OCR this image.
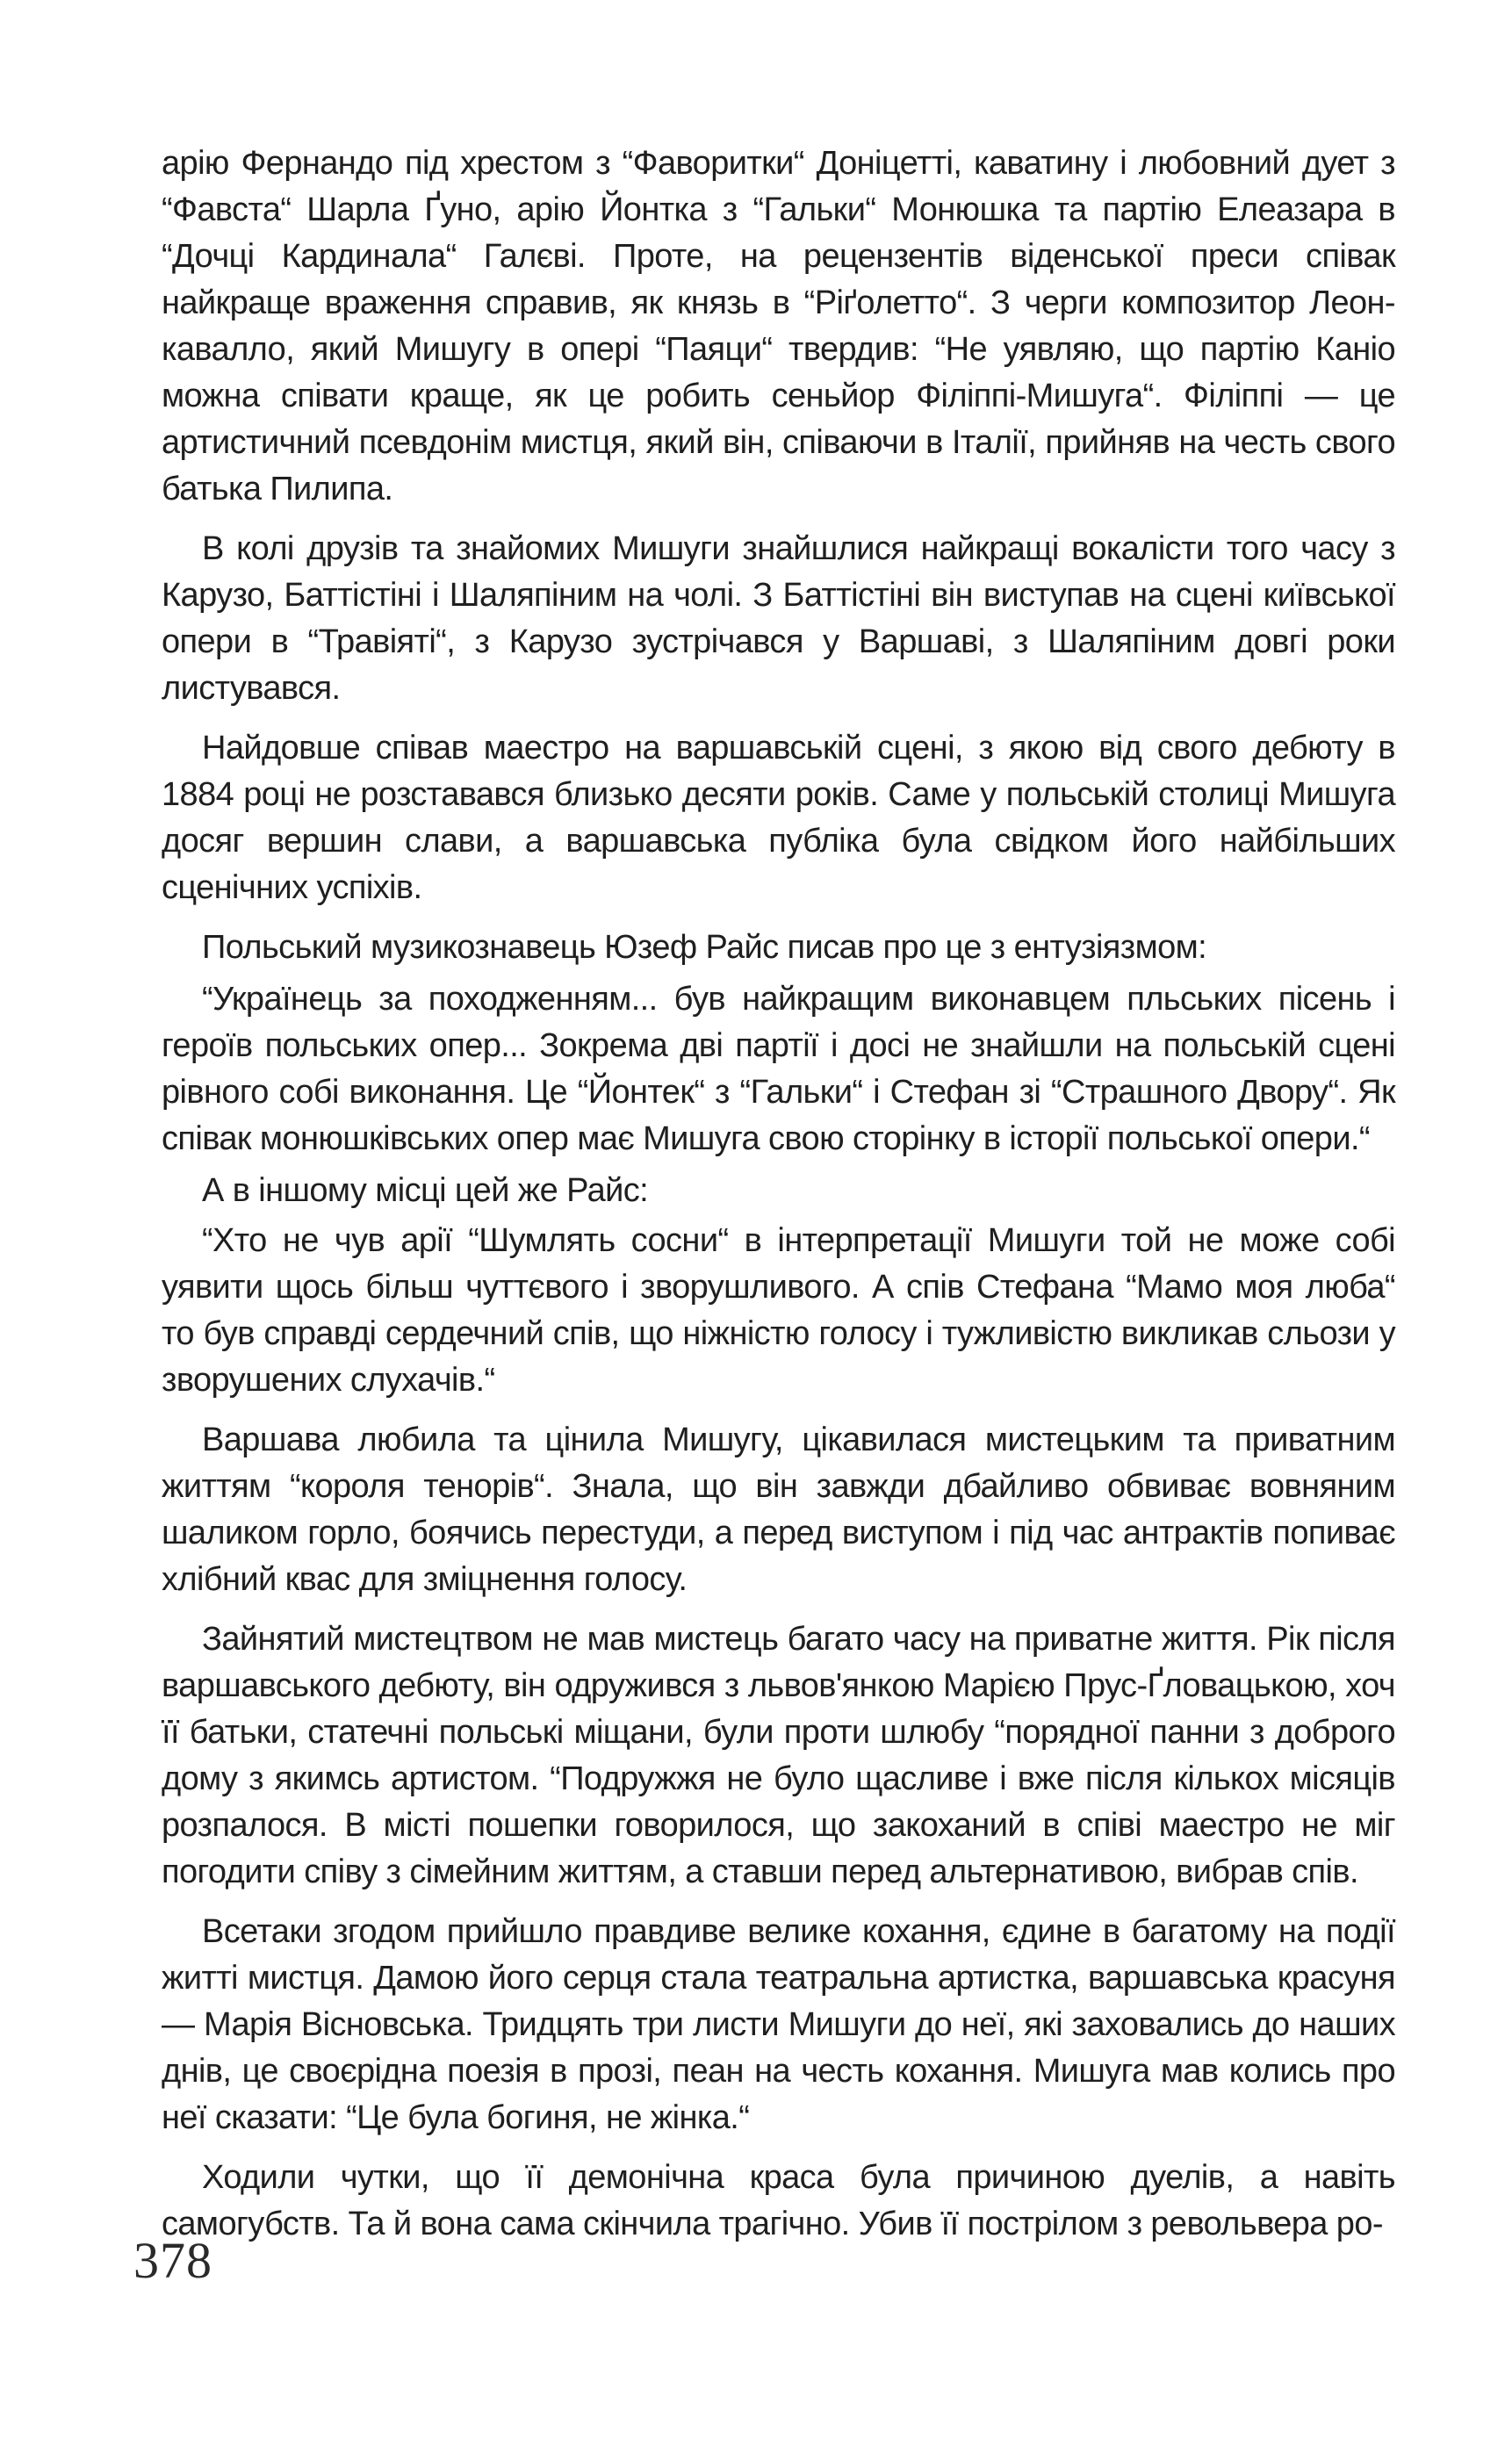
арію Фернандо під хрестом з “Фаворитки“ Доніцетті, каватину і любовний дует з “Фавста“ Шарла Ґуно, арію Йонтка з “Гальки“ Монюшка та партію Елеазара в “Дочці Кардинала“ Галєві. Проте, на рецензентів віденської преси співак найкраще враження справив, як князь в “Ріґолетто“. З черги композитор Леон-кавалло, який Мишугу в опері “Паяци“ твердив: “Не уявляю, що партію Каніо можна співати краще, як це робить сеньйор Філіппі-Мишуга“. Філіппі — це артистичний псевдонім мистця, який він, співаючи в Італії, прийняв на честь свого батька Пилипа.

В колі друзів та знайомих Мишуги знайшлися найкращі вокалісти того часу з Карузо, Баттістіні і Шаляпіним на чолі. З Баттістіні він виступав на сцені київської опери в “Травіяті“, з Карузо зустрічався у Варшаві, з Шаляпіним довгі роки листувався.

Найдовше співав маестро на варшавській сцені, з якою від свого дебюту в 1884 році не розставався близько десяти років. Саме у польській столиці Мишуга досяг вершин слави, а варшавська публіка була свідком його найбільших сценічних успіхів.

Польський музикознавець Юзеф Райс писав про це з ентузіязмом:

“Українець за походженням... був найкращим виконавцем пльських пісень і героїв польських опер... Зокрема дві партії і досі не знайшли на польській сцені рівного собі виконання. Це “Йонтек“ з “Гальки“ і Стефан зі “Страшного Двору“. Як співак монюшківських опер має Мишуга свою сторінку в історії польської опери.“

А в іншому місці цей же Райс:

“Хто не чув арії “Шумлять сосни“ в інтерпретації Мишуги той не може собі уявити щось більш чуттєвого і зворушливого. А спів Стефана “Мамо моя люба“ то був справді сердечний спів, що ніжністю голосу і тужливістю викликав сльози у зворушених слухачів.“

Варшава любила та цінила Мишугу, цікавилася мистецьким та приватним життям “короля тенорів“. Знала, що він завжди дбайливо обвиває вовняним шаликом горло, боячись перестуди, а перед виступом і під час антрактів попиває хлібний квас для зміцнення голосу.

Зайнятий мистецтвом не мав мистець багато часу на приватне життя. Рік після варшавського дебюту, він одружився з львов'янкою Марією Прус-Ґловацькою, хоч її батьки, статечні польські міщани, були проти шлюбу “порядної панни з доброго дому з якимсь артистом. “Подружжя не було щасливе і вже після кількох місяців розпалося. В місті пошепки говорилося, що закоханий в співі маестро не міг погодити співу з сімейним життям, а ставши перед альтернативою, вибрав спів.

Всетаки згодом прийшло правдиве велике кохання, єдине в багатому на події житті мистця. Дамою його серця стала театральна артистка, варшавська красуня — Марія Вісновська. Тридцять три листи Мишуги до неї, які заховались до наших днів, це своєрідна поезія в прозі, пеан на честь кохання. Мишуга мав колись про неї сказати: “Це була богиня, не жінка.“

Ходили чутки, що її демонічна краса була причиною дуелів, а навіть самогубств. Та й вона сама скінчила трагічно. Убив її пострілом з револьвера ро-

378
